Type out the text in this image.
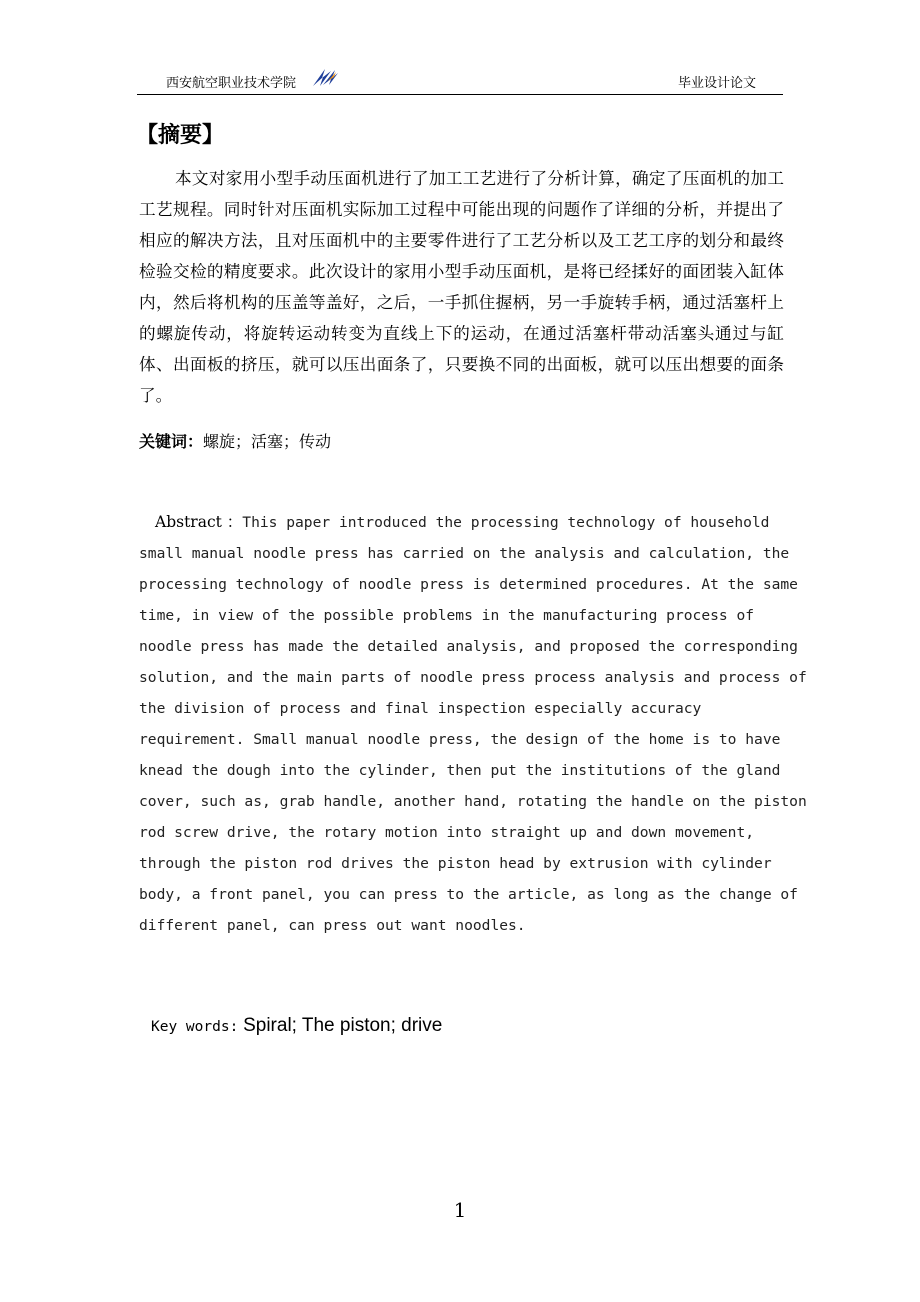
西安航空职业技术学院	毕业设计论文
【摘要】

本文对家用小型手动压面机进行了加工工艺进行了分析计算，确定了压面机的加工工艺规程。同时针对压面机实际加工过程中可能出现的问题作了详细的分析，并提出了相应的解决方法，且对压面机中的主要零件进行了工艺分析以及工艺工序的划分和最终检验交检的精度要求。此次设计的家用小型手动压面机，是将已经揉好的面团装入缸体内，然后将机构的压盖等盖好，之后，一手抓住握柄，另一手旋转手柄，通过活塞杆上的螺旋传动，将旋转运动转变为直线上下的运动，在通过活塞杆带动活塞头通过与缸体、出面板的挤压，就可以压出面条了，只要换不同的出面板，就可以压出想要的面条了。

关键词：螺旋；活塞；传动

Abstract ：This paper introduced the processing technology of household small manual noodle press has carried on the analysis and calculation, the processing technology of noodle press is determined procedures. At the same time, in view of the possible problems in the manufacturing process of noodle press has made the detailed analysis, and proposed the corresponding solution, and the main parts of noodle press process analysis and process of the division of process and final inspection especially accuracy requirement. Small manual noodle press, the design of the home is to have knead the dough into the cylinder, then put the institutions of the gland cover, such as, grab handle, another hand, rotating the handle on the piston rod screw drive, the rotary motion into straight up and down movement, through the piston rod drives the piston head by extrusion with cylinder body, a front panel, you can press to the article, as long as the change of different panel, can press out want noodles.

Key words: Spiral; The piston; drive
1
